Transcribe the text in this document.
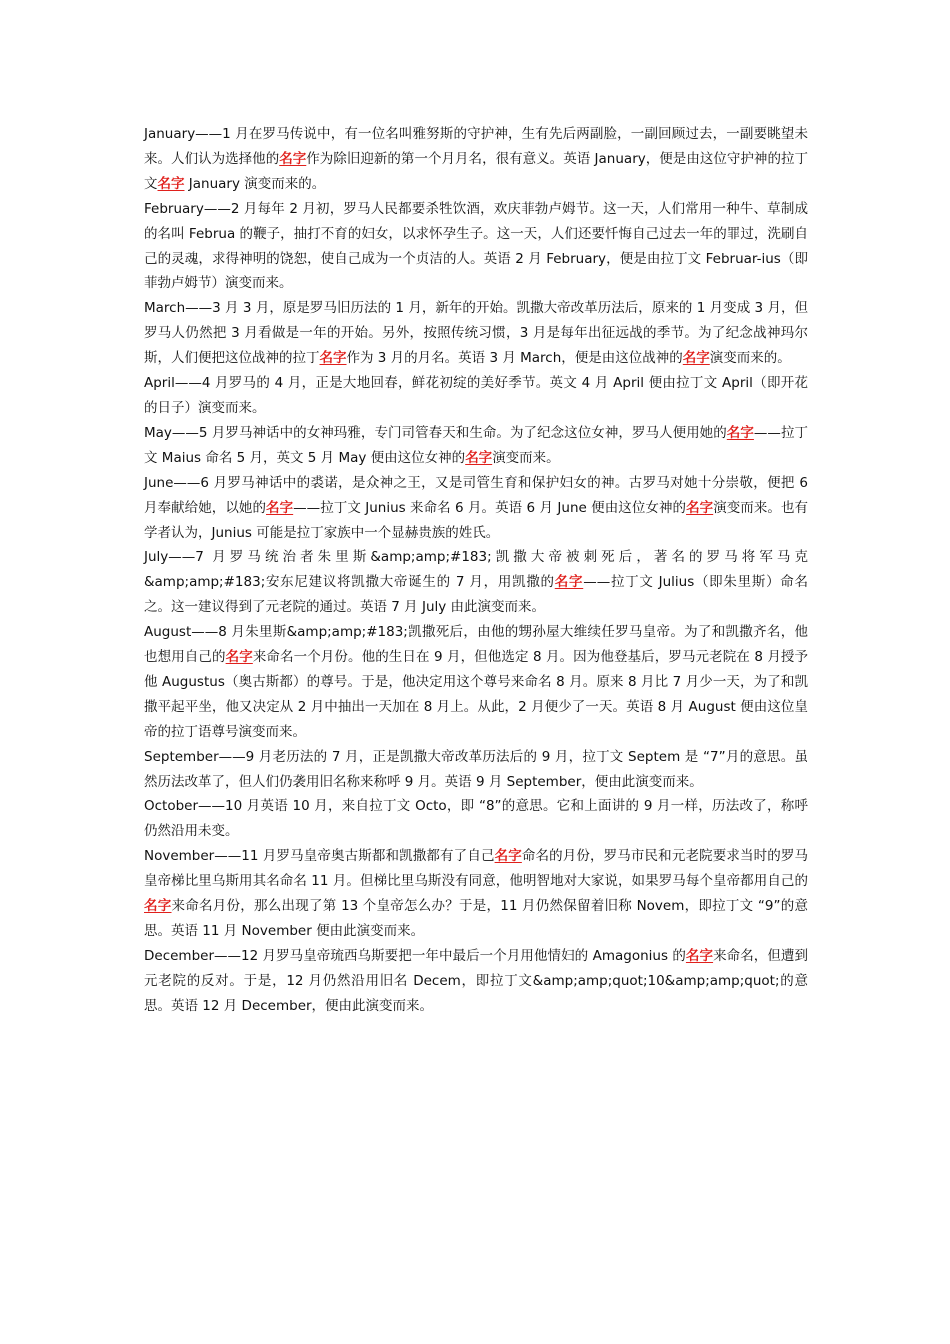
January——1 月在罗马传说中，有一位名叫雅努斯的守护神，生有先后两副脸，一副回顾过去，一副要眺望未来。人们认为选择他的名字作为除旧迎新的第一个月月名，很有意义。英语 January，便是由这位守护神的拉丁文名字 January 演变而来的。

February——2 月每年 2 月初，罗马人民都要杀牲饮酒，欢庆菲勃卢姆节。这一天，人们常用一种牛、草制成的名叫 Februa 的鞭子，抽打不育的妇女，以求怀孕生子。这一天，人们还要忏悔自己过去一年的罪过，洗刷自己的灵魂，求得神明的饶恕，使自己成为一个贞洁的人。英语 2 月 February，便是由拉丁文 Februar-ius（即菲勃卢姆节）演变而来。

March——3 月 3 月，原是罗马旧历法的 1 月，新年的开始。凯撒大帝改革历法后，原来的 1 月变成 3 月，但罗马人仍然把 3 月看做是一年的开始。另外，按照传统习惯，3 月是每年出征远战的季节。为了纪念战神玛尔斯，人们便把这位战神的拉丁名字作为 3 月的月名。英语 3 月 March，便是由这位战神的名字演变而来的。

April——4 月罗马的 4 月，正是大地回春，鲜花初绽的美好季节。英文 4 月 April 便由拉丁文 April（即开花的日子）演变而来。

May——5 月罗马神话中的女神玛雅，专门司管春天和生命。为了纪念这位女神，罗马人便用她的名字——拉丁文 Maius 命名 5 月，英文 5 月 May 便由这位女神的名字演变而来。

June——6 月罗马神话中的裘诺，是众神之王，又是司管生育和保护妇女的神。古罗马对她十分崇敬，便把 6 月奉献给她，以她的名字——拉丁文 Junius 来命名 6 月。英语 6 月 June 便由这位女神的名字演变而来。也有学者认为，Junius 可能是拉丁家族中一个显赫贵族的姓氏。

July——7 月罗马统治者朱里斯&amp;amp;#183;凯撒大帝被刺死后，著名的罗马将军马克 &amp;amp;#183;安东尼建议将凯撒大帝诞生的 7 月，用凯撒的名字——拉丁文 Julius（即朱里斯）命名之。这一建议得到了元老院的通过。英语 7 月 July 由此演变而来。

August——8 月朱里斯&amp;amp;#183;凯撒死后，由他的甥孙屋大维续任罗马皇帝。为了和凯撒齐名，他也想用自己的名字来命名一个月份。他的生日在 9 月，但他选定 8 月。因为他登基后，罗马元老院在 8 月授予他 Augustus（奥古斯都）的尊号。于是，他决定用这个尊号来命名 8 月。原来 8 月比 7 月少一天，为了和凯撒平起平坐，他又决定从 2 月中抽出一天加在 8 月上。从此，2 月便少了一天。英语 8 月 August 便由这位皇帝的拉丁语尊号演变而来。

September——9 月老历法的 7 月，正是凯撒大帝改革历法后的 9 月，拉丁文 Septem 是 “7”月的意思。虽然历法改革了，但人们仍袭用旧名称来称呼 9 月。英语 9 月 September，便由此演变而来。

October——10 月英语 10 月，来自拉丁文 Octo，即 “8”的意思。它和上面讲的 9 月一样，历法改了，称呼仍然沿用未变。

November——11 月罗马皇帝奥古斯都和凯撒都有了自己名字命名的月份，罗马市民和元老院要求当时的罗马皇帝梯比里乌斯用其名命名 11 月。但梯比里乌斯没有同意，他明智地对大家说，如果罗马每个皇帝都用自己的名字来命名月份，那么出现了第 13 个皇帝怎么办？于是，11 月仍然保留着旧称 Novem，即拉丁文 “9”的意思。英语 11 月 November 便由此演变而来。

December——12 月罗马皇帝琉西乌斯要把一年中最后一个月用他情妇的 Amagonius 的名字来命名，但遭到元老院的反对。于是，12 月仍然沿用旧名 Decem，即拉丁文&amp;amp;quot;10&amp;amp;quot;的意思。英语 12 月 December，便由此演变而来。
